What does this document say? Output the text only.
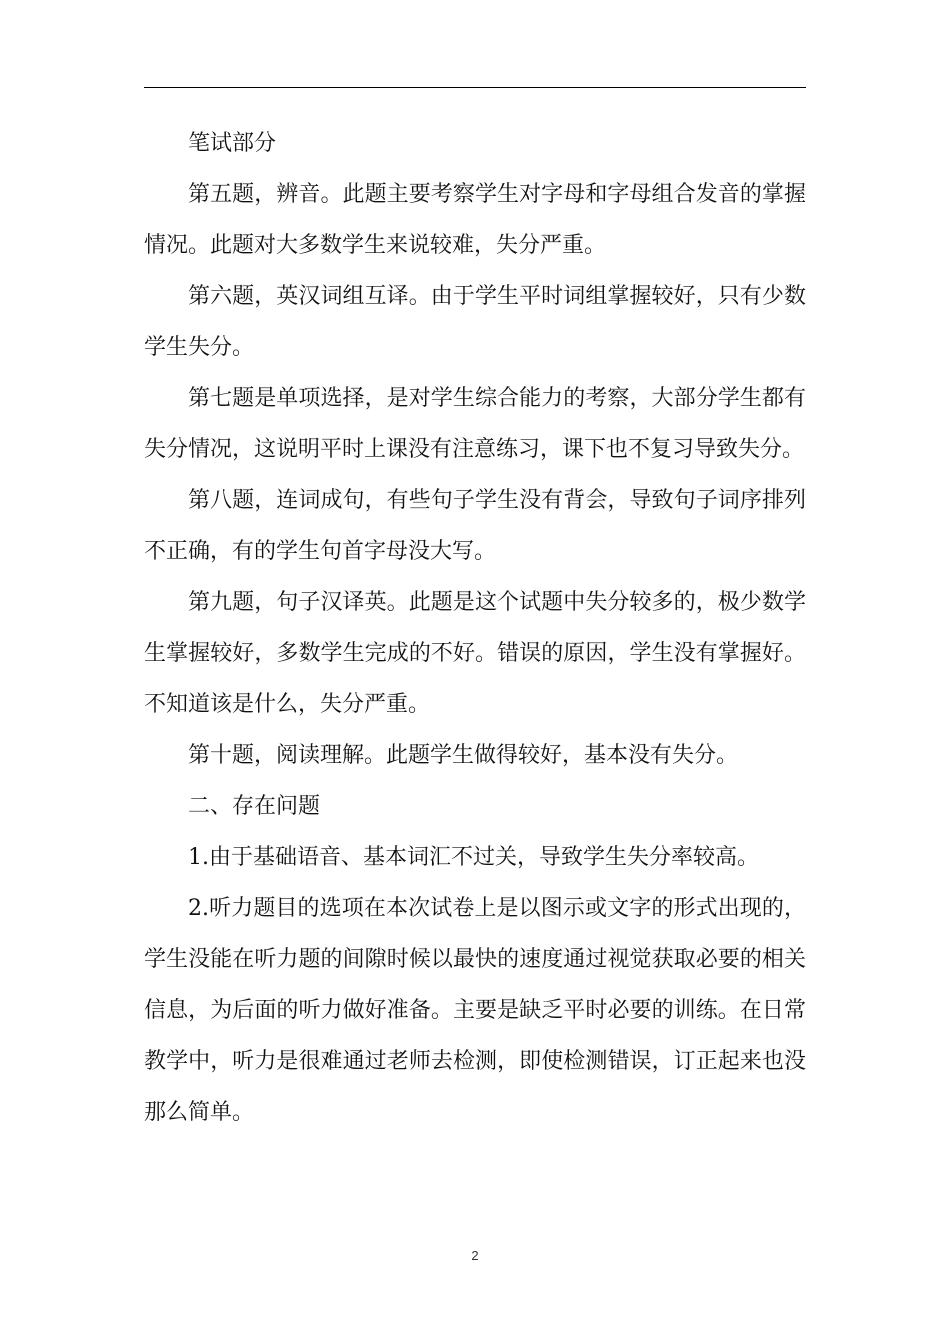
笔试部分

第五题，辨音。此题主要考察学生对字母和字母组合发音的掌握情况。此题对大多数学生来说较难，失分严重。

第六题，英汉词组互译。由于学生平时词组掌握较好，只有少数学生失分。

第七题是单项选择，是对学生综合能力的考察，大部分学生都有失分情况，这说明平时上课没有注意练习，课下也不复习导致失分。

第八题，连词成句，有些句子学生没有背会，导致句子词序排列不正确，有的学生句首字母没大写。

第九题，句子汉译英。此题是这个试题中失分较多的，极少数学生掌握较好，多数学生完成的不好。错误的原因，学生没有掌握好。不知道该是什么，失分严重。

第十题，阅读理解。此题学生做得较好，基本没有失分。

二、存在问题

1.由于基础语音、基本词汇不过关，导致学生失分率较高。

2.听力题目的选项在本次试卷上是以图示或文字的形式出现的，学生没能在听力题的间隙时候以最快的速度通过视觉获取必要的相关信息，为后面的听力做好准备。主要是缺乏平时必要的训练。在日常教学中，听力是很难通过老师去检测，即使检测错误，订正起来也没那么简单。

2
